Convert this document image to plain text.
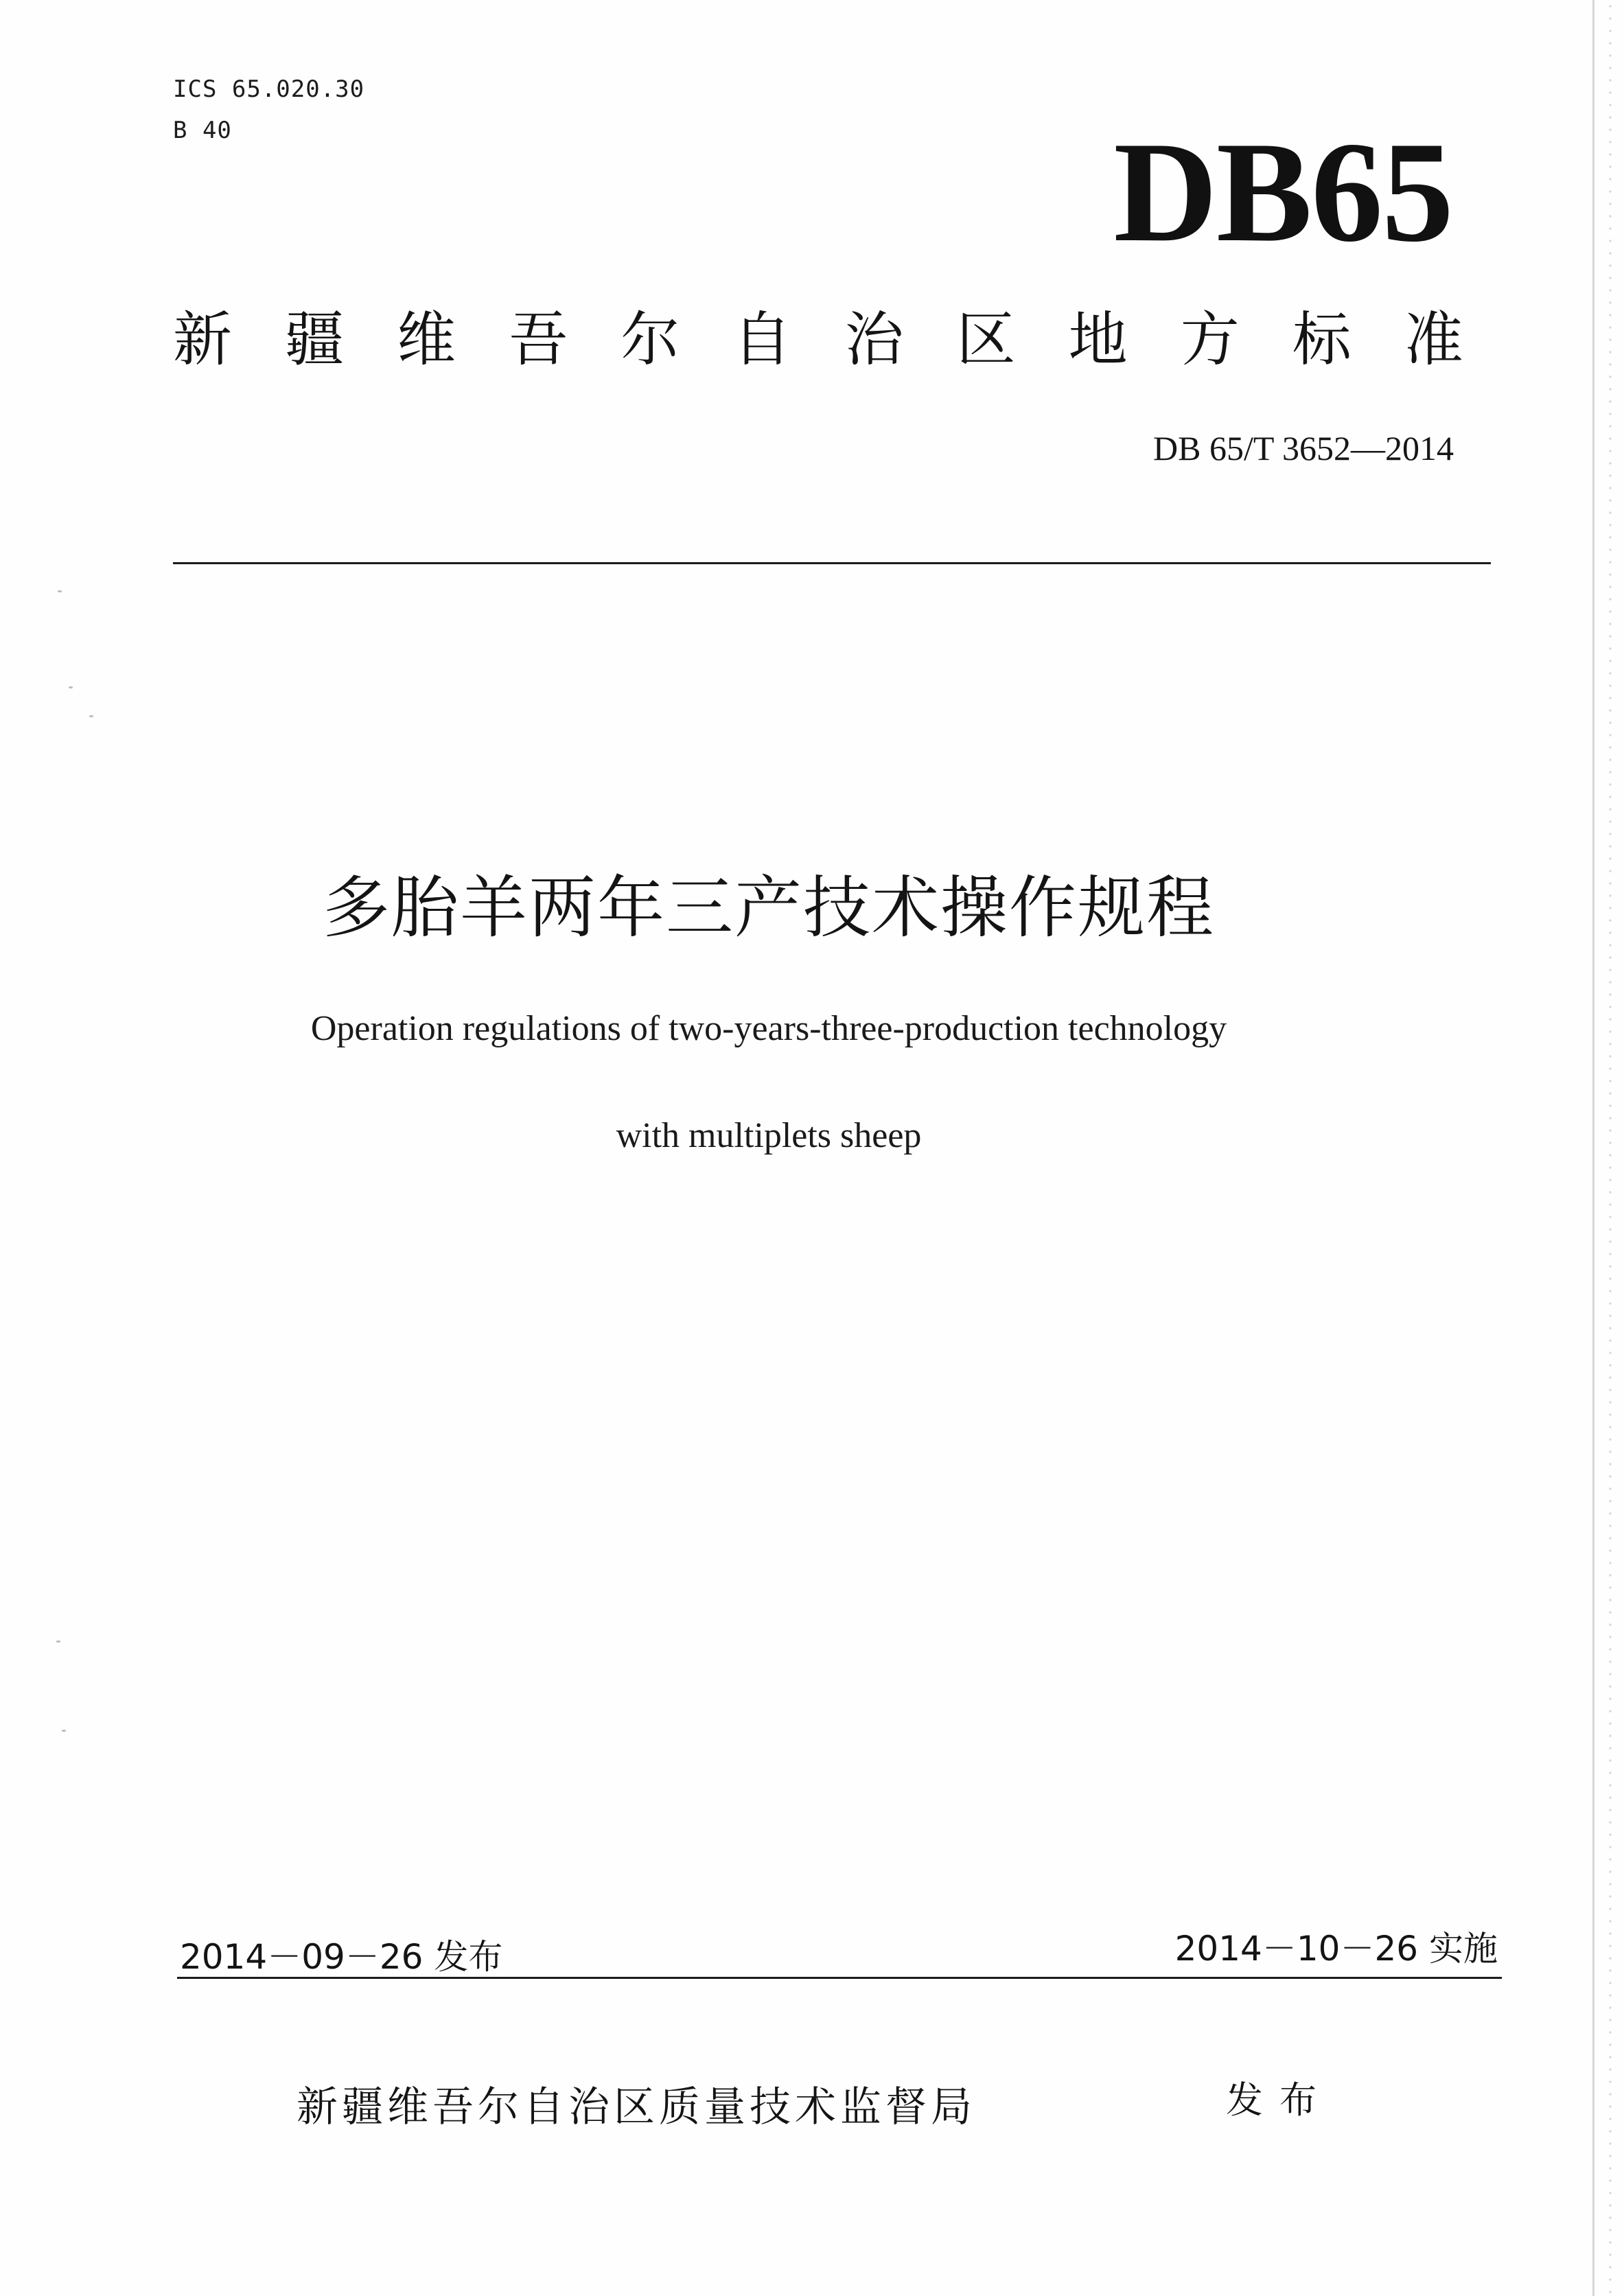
ICS 65.020.30
B 40	DB65
新 疆 维 吾 尔 自 治 区 地 方 标 准
DB 65/T 3652—2014
多胎羊两年三产技术操作规程
Operation regulations of two-years-three-production technology
with multiplets sheep
2014－09－26 发布	2014－10－26 实施
新疆维吾尔自治区质量技术监督局	发布
